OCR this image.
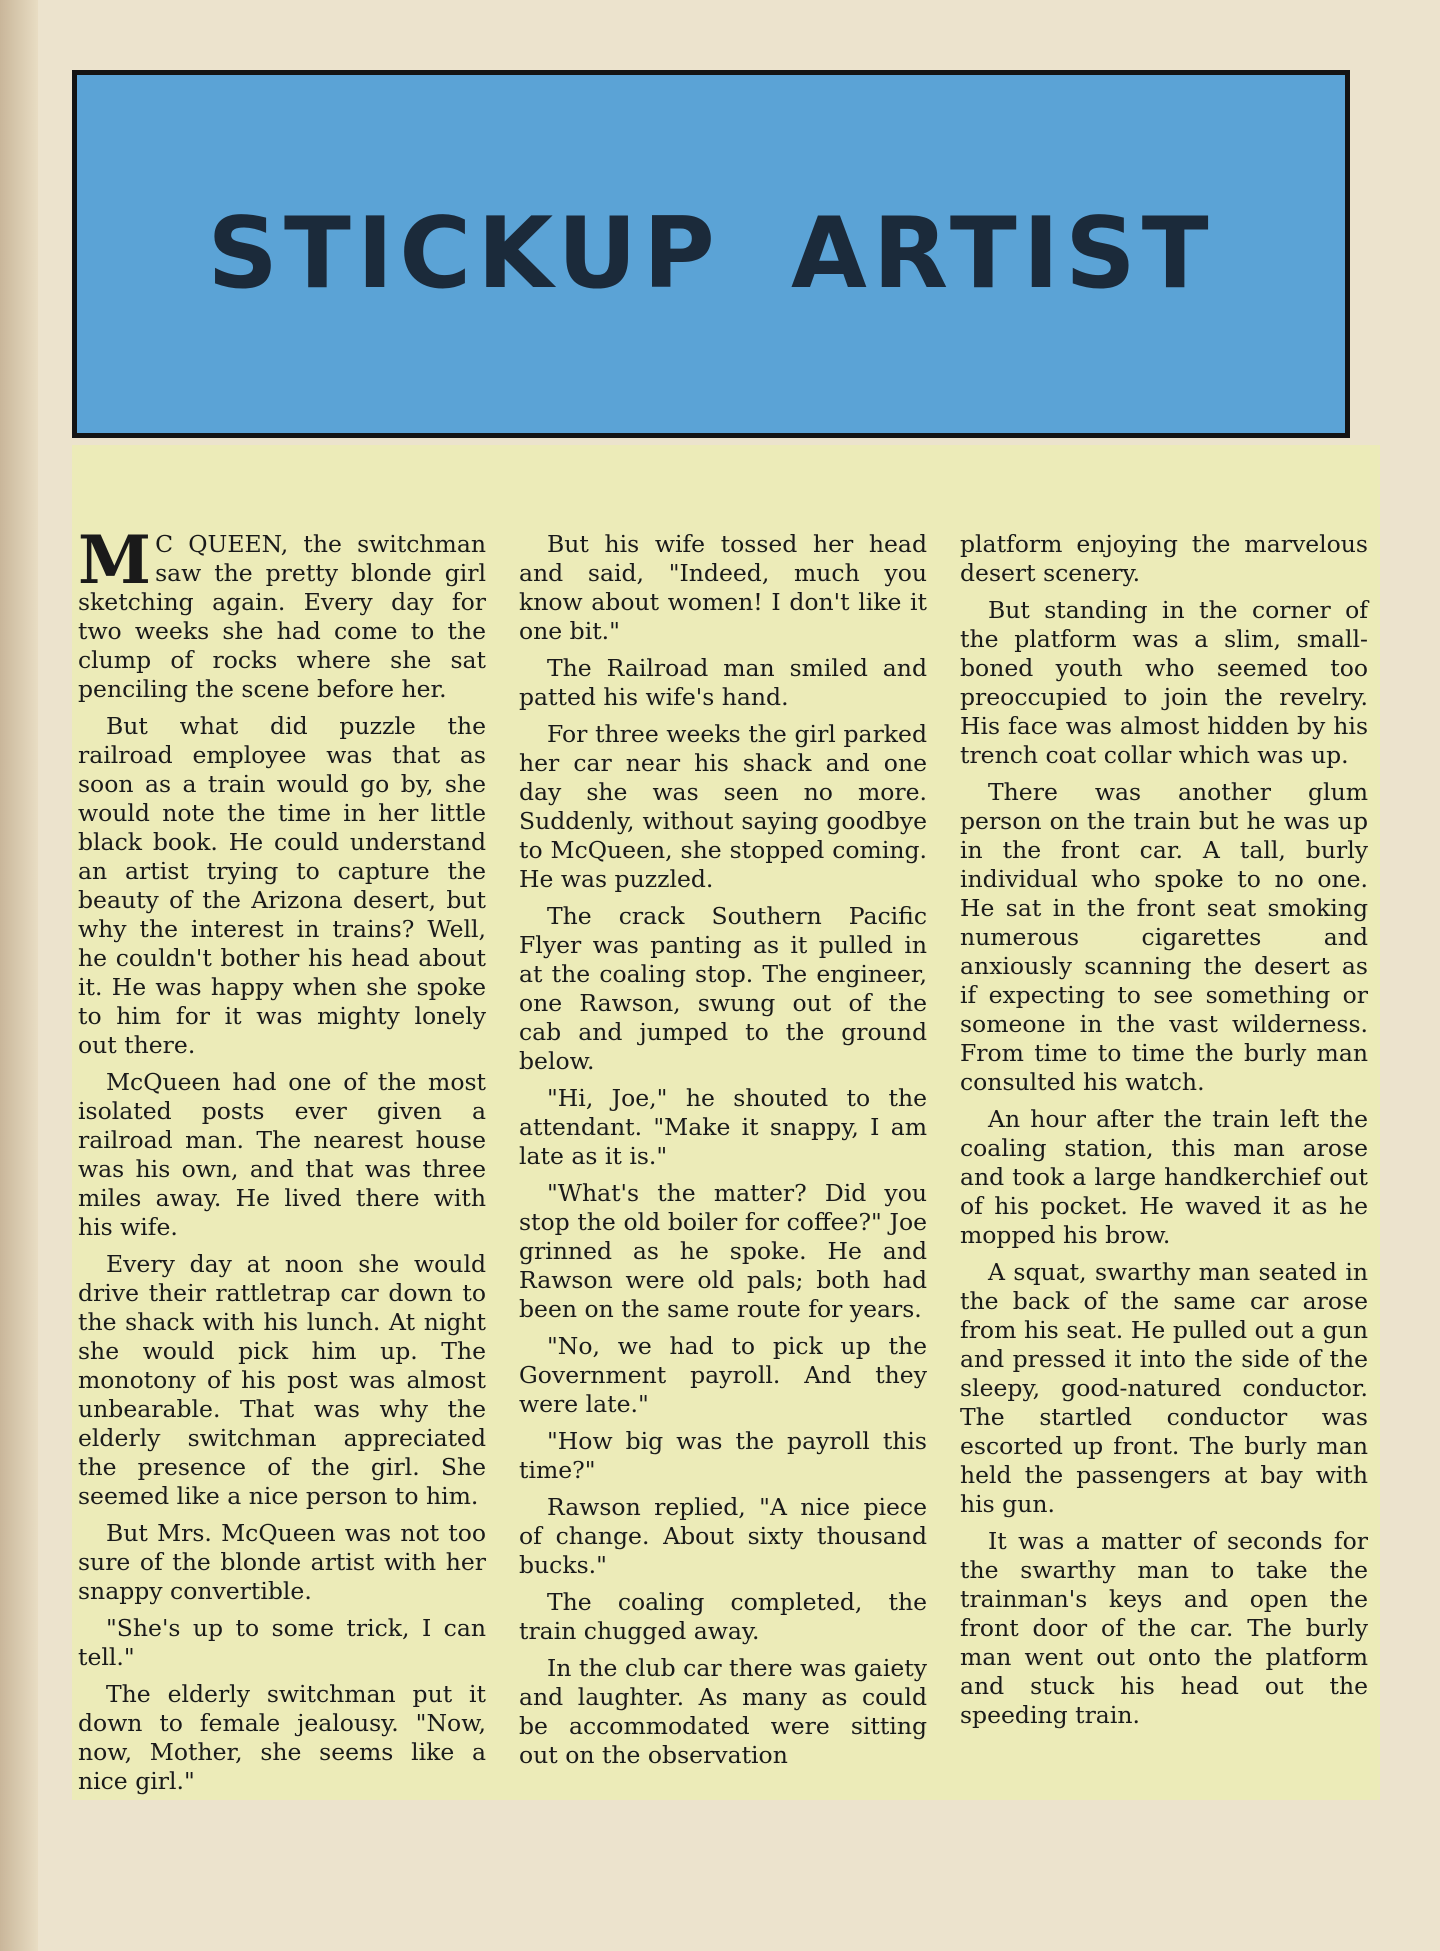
STICKUP ARTIST

M C QUEEN, the switchman saw the pretty blonde girl sketching again. Every day for two weeks she had come to the clump of rocks where she sat penciling the scene before her.

But what did puzzle the railroad employee was that as soon as a train would go by, she would note the time in her little black book. He could understand an artist trying to capture the beauty of the Arizona desert, but why the interest in trains? Well, he couldn't bother his head about it. He was happy when she spoke to him for it was mighty lonely out there.

McQueen had one of the most isolated posts ever given a railroad man. The nearest house was his own, and that was three miles away. He lived there with his wife.

Every day at noon she would drive their rattletrap car down to the shack with his lunch. At night she would pick him up. The monotony of his post was almost unbearable. That was why the elderly switchman appreciated the presence of the girl. She seemed like a nice person to him.

But Mrs. McQueen was not too sure of the blonde artist with her snappy convertible.

"She's up to some trick, I can tell."

The elderly switchman put it down to female jealousy. "Now, now, Mother, she seems like a nice girl."

But his wife tossed her head and said, "Indeed, much you know about women! I don't like it one bit."

The Railroad man smiled and patted his wife's hand.

For three weeks the girl parked her car near his shack and one day she was seen no more. Suddenly, without saying goodbye to McQueen, she stopped coming. He was puzzled.

The crack Southern Pacific Flyer was panting as it pulled in at the coaling stop. The engineer, one Rawson, swung out of the cab and jumped to the ground below.

"Hi, Joe," he shouted to the attendant. "Make it snappy, I am late as it is."

"What's the matter? Did you stop the old boiler for coffee?" Joe grinned as he spoke. He and Rawson were old pals; both had been on the same route for years.

"No, we had to pick up the Government payroll. And they were late."

"How big was the payroll this time?"

Rawson replied, "A nice piece of change. About sixty thousand bucks."

The coaling completed, the train chugged away.

In the club car there was gaiety and laughter. As many as could be accommodated were sitting out on the observation

platform enjoying the marvelous desert scenery.

But standing in the corner of the platform was a slim, small-boned youth who seemed too preoccupied to join the revelry. His face was almost hidden by his trench coat collar which was up.

There was another glum person on the train but he was up in the front car. A tall, burly individual who spoke to no one. He sat in the front seat smoking numerous cigarettes and anxiously scanning the desert as if expecting to see something or someone in the vast wilderness. From time to time the burly man consulted his watch.

An hour after the train left the coaling station, this man arose and took a large handkerchief out of his pocket. He waved it as he mopped his brow.

A squat, swarthy man seated in the back of the same car arose from his seat. He pulled out a gun and pressed it into the side of the sleepy, good-natured conductor. The startled conductor was escorted up front. The burly man held the passengers at bay with his gun.

It was a matter of seconds for the swarthy man to take the trainman's keys and open the front door of the car. The burly man went out onto the platform and stuck his head out the speeding train.
